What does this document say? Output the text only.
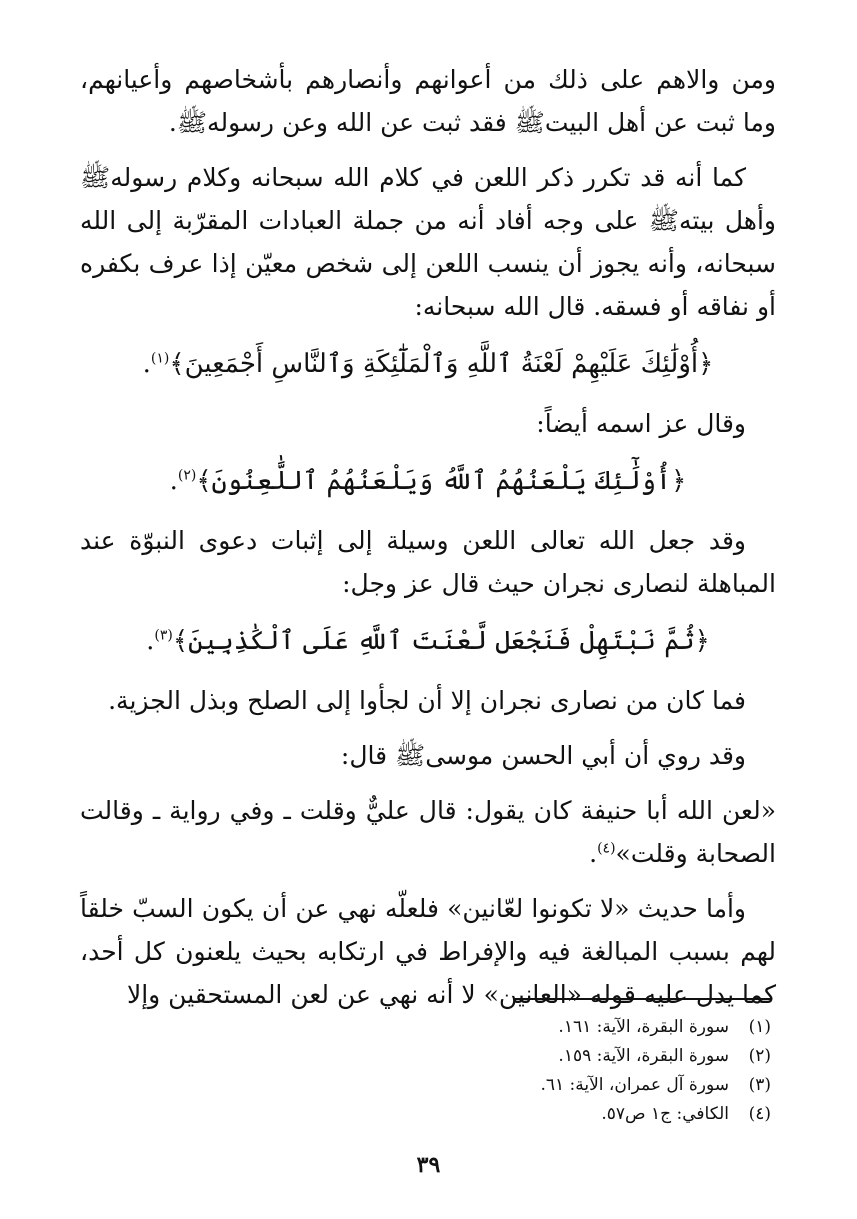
ومن والاهم على ذلك من أعوانهم وأنصارهم بأشخاصهم وأعيانهم، وما ثبت عن أهل البيتﷺ فقد ثبت عن الله وعن رسولهﷺ.

كما أنه قد تكرر ذكر اللعن في كلام الله سبحانه وكلام رسولهﷺ وأهل بيتهﷺ على وجه أفاد أنه من جملة العبادات المقرّبة إلى الله سبحانه، وأنه يجوز أن ينسب اللعن إلى شخص معيّن إذا عرف بكفره أو نفاقه أو فسقه. قال الله سبحانه:

﴿أُوْلَٰئِكَ عَلَيْهِمْ لَعْنَةُ ٱللَّهِ وَٱلْمَلَٰٓئِكَةِ وَٱلنَّاسِ أَجْمَعِينَ﴾$^{(١)}$.
وقال عز اسمه أيضاً:
﴿أُوْلَٰٓئِكَ يَلْعَنُهُمُ ٱللَّهُ وَيَلْعَنُهُمُ ٱللَّٰعِنُونَ﴾$^{(٢)}$.

وقد جعل الله تعالى اللعن وسيلة إلى إثبات دعوى النبوّة عند المباهلة لنصارى نجران حيث قال عز وجل:

﴿ثُمَّ نَبْتَهِلْ فَنَجْعَل لَّعْنَتَ ٱللَّهِ عَلَى ٱلْكَٰذِبِينَ﴾$^{(٣)}$.
فما كان من نصارى نجران إلا أن لجأوا إلى الصلح وبذل الجزية.
وقد روي أن أبي الحسن موسىﷺ قال:

«لعن الله أبا حنيفة كان يقول: قال عليٌّ وقلت ـ وفي رواية ـ وقالت الصحابة وقلت»$^{(٤)}$.

وأما حديث «لا تكونوا لعّانين» فلعلّه نهي عن أن يكون السبّ خلقاً لهم بسبب المبالغة فيه والإفراط في ارتكابه بحيث يلعنون كل أحد، كما يدل عليه قوله «العانين» لا أنه نهي عن لعن المستحقين وإلا

(١)سورة البقرة، الآية: ١٦١.
(٢)سورة البقرة، الآية: ١٥٩.
(٣)سورة آل عمران، الآية: ٦١.
(٤)الكافي: ج١ ص٥٧.
٣٩
